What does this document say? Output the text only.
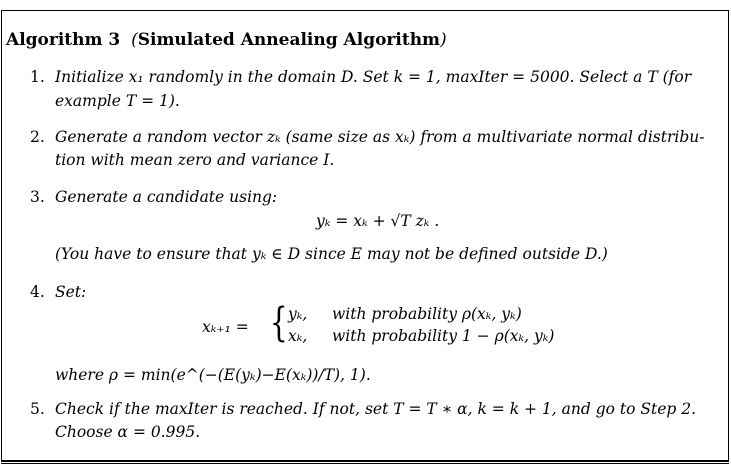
Algorithm 3 (Simulated Annealing Algorithm)
1. Initialize x₁ randomly in the domain D. Set k = 1, maxIter = 5000. Select a T (for
example T = 1).
2. Generate a random vector zₖ (same size as xₖ) from a multivariate normal distribu-
tion with mean zero and variance I.
3. Generate a candidate using:
yₖ = xₖ + √T zₖ .
(You have to ensure that yₖ ∈ D since E may not be defined outside D.)
4. Set:
xₖ₊₁ = { yₖ, with probability ρ(xₖ, yₖ)
xₖ, with probability 1 − ρ(xₖ, yₖ)
where ρ = min(e^(−(E(yₖ)−E(xₖ))/T), 1).
5. Check if the maxIter is reached. If not, set T = T ∗ α, k = k + 1, and go to Step 2.
Choose α = 0.995.
